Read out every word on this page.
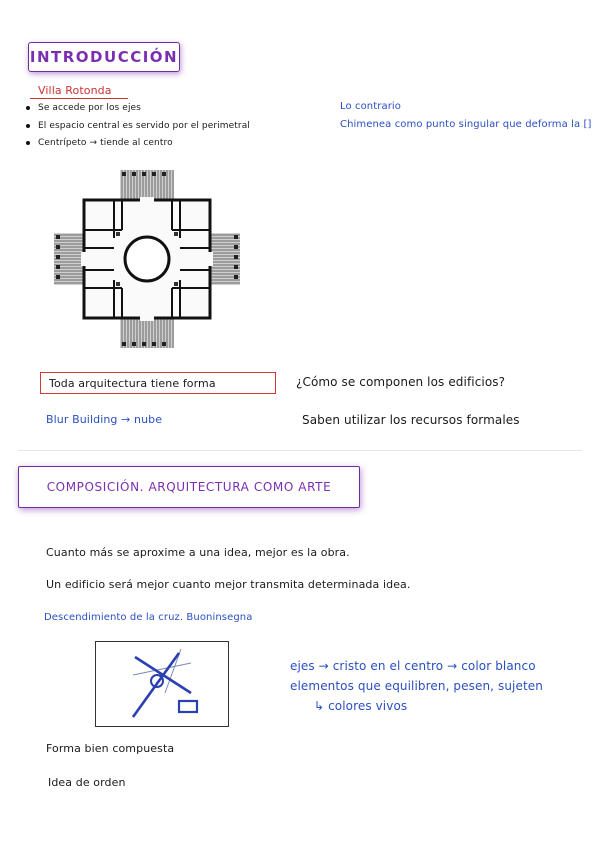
INTRODUCCIÓN
Villa Rotonda
Se accede por los ejes
El espacio central es servido por el perimetral
Centrípeto → tiende al centro
Lo contrario
Chimenea como punto singular que deforma la []
Toda arquitectura tiene forma	¿Cómo se componen los edificios?
Blur Building → nube	Saben utilizar los recursos formales
COMPOSICIÓN. ARQUITECTURA COMO ARTE
Cuanto más se aproxime a una idea, mejor es la obra.
Un edificio será mejor cuanto mejor transmita determinada idea.
Descendimiento de la cruz. Buoninsegna
ejes → cristo en el centro → color blanco
elementos que equilibren, pesen, sujeten
↳ colores vivos
Forma bien compuesta
Idea de orden
